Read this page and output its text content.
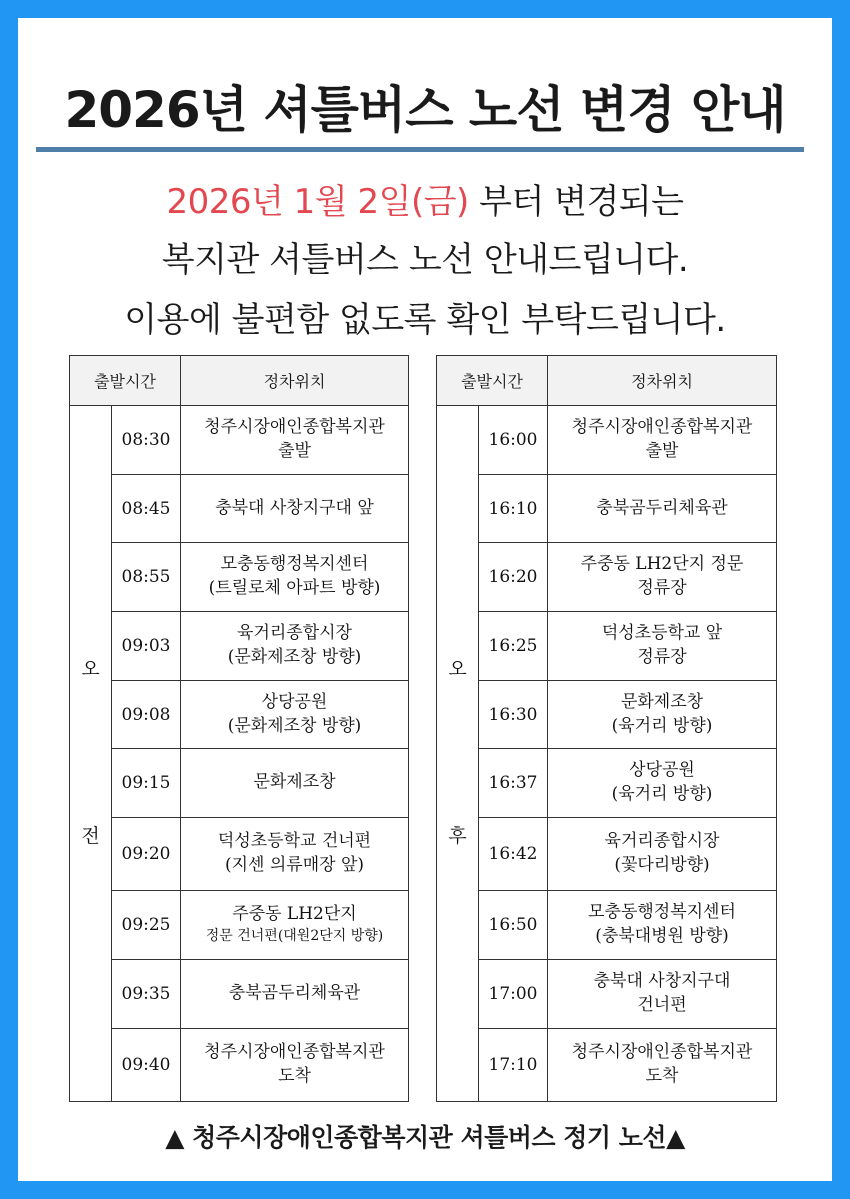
2026년 셔틀버스 노선 변경 안내
2026년 1월 2일(금) 부터 변경되는
복지관 셔틀버스 노선 안내드립니다.
이용에 불편함 없도록 확인 부탁드립니다.
출발시간		정차위치

오
전	08:30	청주시장애인종합복지관
출발

	08:45	충북대 사창지구대 앞

	08:55	모충동행정복지센터
(트릴로체 아파트 방향)

	09:03	육거리종합시장
(문화제조창 방향)

	09:08	상당공원
(문화제조창 방향)

	09:15	문화제조창

	09:20	덕성초등학교 건너편
(지센 의류매장 앞)

	09:25	주중동 LH2단지
정문 건너편(대원2단지 방향)

	09:35	충북곰두리체육관

	09:40	청주시장애인종합복지관
도착
출발시간		정차위치

오
후	16:00	청주시장애인종합복지관
출발

	16:10	충북곰두리체육관

	16:20	주중동 LH2단지 정문
정류장

	16:25	덕성초등학교 앞
정류장

	16:30	문화제조창
(육거리 방향)

	16:37	상당공원
(육거리 방향)

	16:42	육거리종합시장
(꽃다리방향)

	16:50	모충동행정복지센터
(충북대병원 방향)

	17:00	충북대 사창지구대
건너편

	17:10	청주시장애인종합복지관
도착
▲ 청주시장애인종합복지관 셔틀버스 정기 노선▲
